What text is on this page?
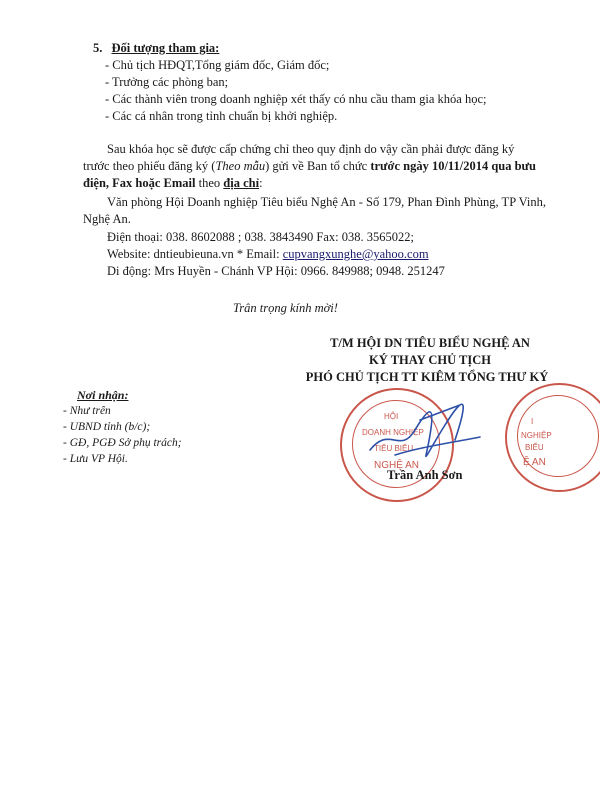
5. Đối tượng tham gia:
- Chủ tịch HĐQT,Tổng giám đốc, Giám đốc;
- Trưởng các phòng ban;
- Các thành viên trong doanh nghiệp xét thấy có nhu cầu tham gia khóa học;
- Các cá nhân trong tỉnh chuẩn bị khởi nghiệp.
Sau khóa học sẽ được cấp chứng chỉ theo quy định do vậy cần phải được đăng ký
trước theo phiếu đăng ký (Theo mẫu) gửi về Ban tổ chức trước ngày 10/11/2014 qua bưu
điện, Fax hoặc Email theo địa chỉ:
Văn phòng Hội Doanh nghiệp Tiêu biểu Nghệ An - Số 179, Phan Đình Phùng, TP Vinh,
Nghệ An.
Điện thoại: 038. 8602088 ; 038. 3843490 Fax: 038. 3565022;
Website: dntieubieuna.vn * Email: cupvangxunghe@yahoo.com
Di động: Mrs Huyền - Chánh VP Hội: 0966. 849988; 0948. 251247
Trân trọng kính mời!
T/M HỘI DN TIÊU BIỂU NGHỆ AN
KÝ THAY CHỦ TỊCH
PHÓ CHỦ TỊCH TT KIÊM TỔNG THƯ KÝ
HỘI
DOANH NGHIỆP
TIÊU BIỂU
NGHỆ AN
I
NGHIỆP
BIỂU
Ệ AN
Trần Anh Sơn
Nơi nhận:
- Như trên
- UBND tỉnh (b/c);
- GĐ, PGĐ Sở phụ trách;
- Lưu VP Hội.
